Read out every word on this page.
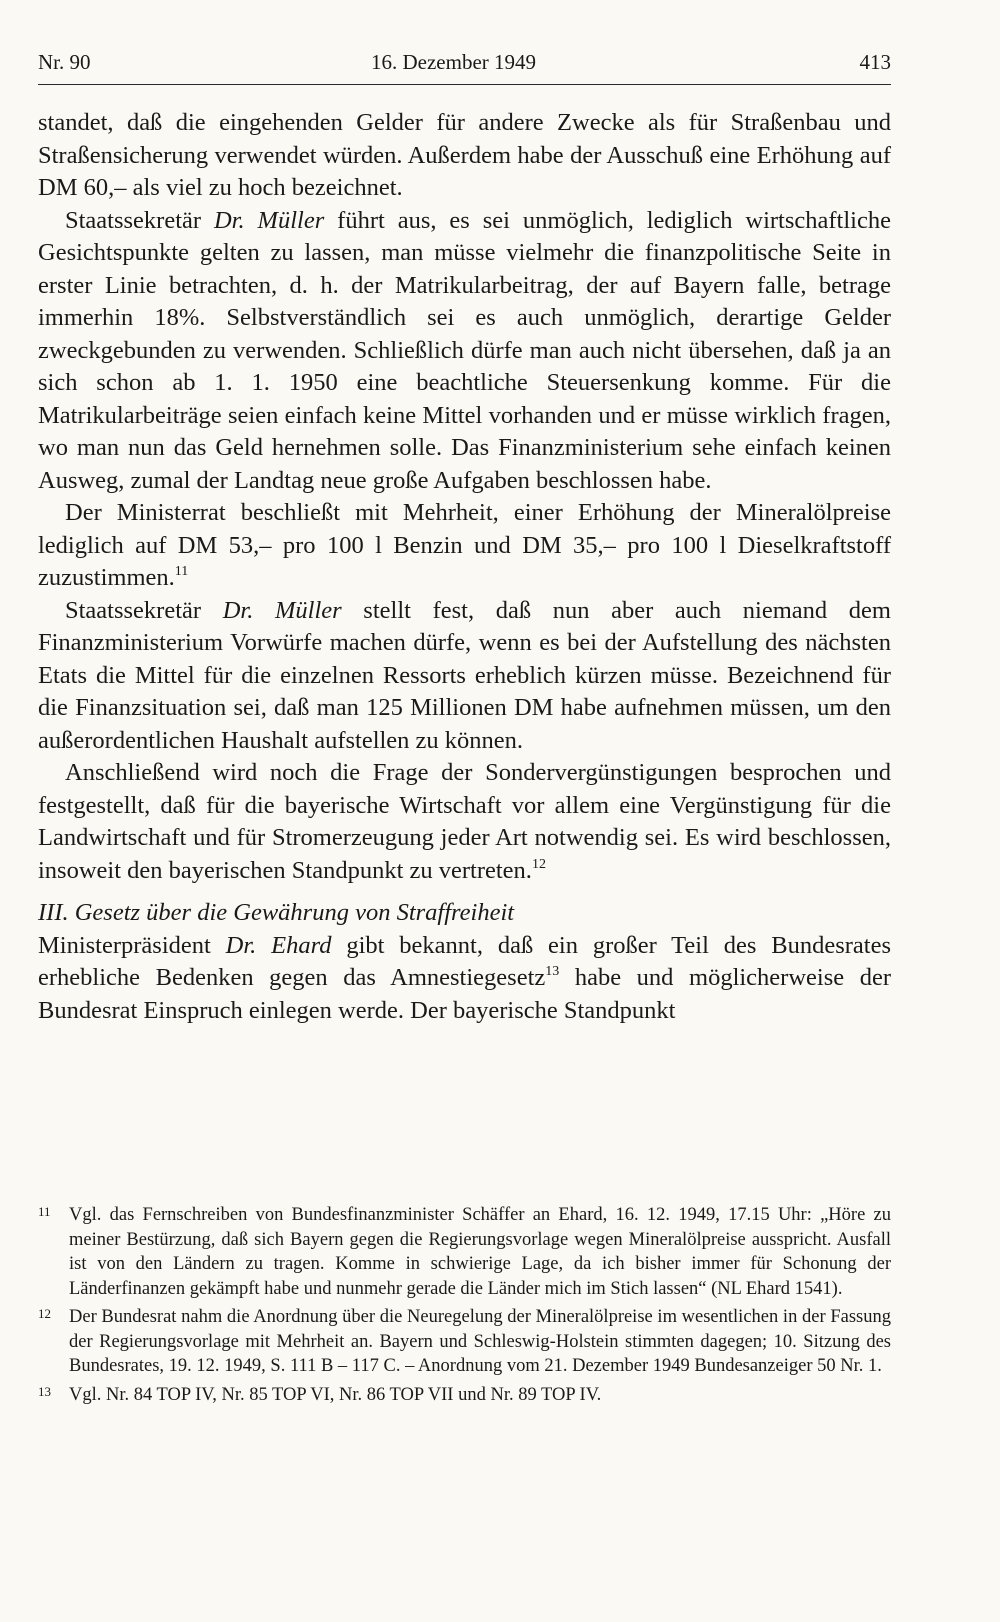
Nr. 90	16. Dezember 1949	413

standet, daß die eingehenden Gelder für andere Zwecke als für Straßenbau und Straßensicherung verwendet würden. Außerdem habe der Ausschuß eine Erhöhung auf DM 60,– als viel zu hoch bezeichnet.

Staatssekretär Dr. Müller führt aus, es sei unmöglich, lediglich wirtschaftliche Gesichtspunkte gelten zu lassen, man müsse vielmehr die finanzpolitische Seite in erster Linie betrachten, d. h. der Matrikularbeitrag, der auf Bayern falle, betrage immerhin 18%. Selbstverständlich sei es auch unmöglich, derartige Gelder zweckgebunden zu verwenden. Schließlich dürfe man auch nicht übersehen, daß ja an sich schon ab 1. 1. 1950 eine beachtliche Steuersenkung komme. Für die Matrikularbeiträge seien einfach keine Mittel vorhanden und er müsse wirklich fragen, wo man nun das Geld hernehmen solle. Das Finanzministerium sehe einfach keinen Ausweg, zumal der Landtag neue große Aufgaben beschlossen habe.

Der Ministerrat beschließt mit Mehrheit, einer Erhöhung der Mineralölpreise lediglich auf DM 53,– pro 100 l Benzin und DM 35,– pro 100 l Dieselkraftstoff zuzustimmen.$^{11}$

Staatssekretär Dr. Müller stellt fest, daß nun aber auch niemand dem Finanzministerium Vorwürfe machen dürfe, wenn es bei der Aufstellung des nächsten Etats die Mittel für die einzelnen Ressorts erheblich kürzen müsse. Bezeichnend für die Finanzsituation sei, daß man 125 Millionen DM habe aufnehmen müssen, um den außerordentlichen Haushalt aufstellen zu können.

Anschließend wird noch die Frage der Sondervergünstigungen besprochen und festgestellt, daß für die bayerische Wirtschaft vor allem eine Vergünstigung für die Landwirtschaft und für Stromerzeugung jeder Art notwendig sei. Es wird beschlossen, insoweit den bayerischen Standpunkt zu vertreten.$^{12}$

III. Gesetz über die Gewährung von Straffreiheit

Ministerpräsident Dr. Ehard gibt bekannt, daß ein großer Teil des Bundesrates erhebliche Bedenken gegen das Amnestiegesetz$^{13}$ habe und möglicherweise der Bundesrat Einspruch einlegen werde. Der bayerische Standpunkt

11 Vgl. das Fernschreiben von Bundesfinanzminister Schäffer an Ehard, 16. 12. 1949, 17.15 Uhr: „Höre zu meiner Bestürzung, daß sich Bayern gegen die Regierungsvorlage wegen Mineralölpreise ausspricht. Ausfall ist von den Ländern zu tragen. Komme in schwierige Lage, da ich bisher immer für Schonung der Länderfinanzen gekämpft habe und nunmehr gerade die Länder mich im Stich lassen“ (NL Ehard 1541).

12 Der Bundesrat nahm die Anordnung über die Neuregelung der Mineralölpreise im wesentlichen in der Fassung der Regierungsvorlage mit Mehrheit an. Bayern und Schleswig-Holstein stimmten dagegen; 10. Sitzung des Bundesrates, 19. 12. 1949, S. 111 B – 117 C. – Anordnung vom 21. Dezember 1949 Bundesanzeiger 50 Nr. 1.

13 Vgl. Nr. 84 TOP IV, Nr. 85 TOP VI, Nr. 86 TOP VII und Nr. 89 TOP IV.
